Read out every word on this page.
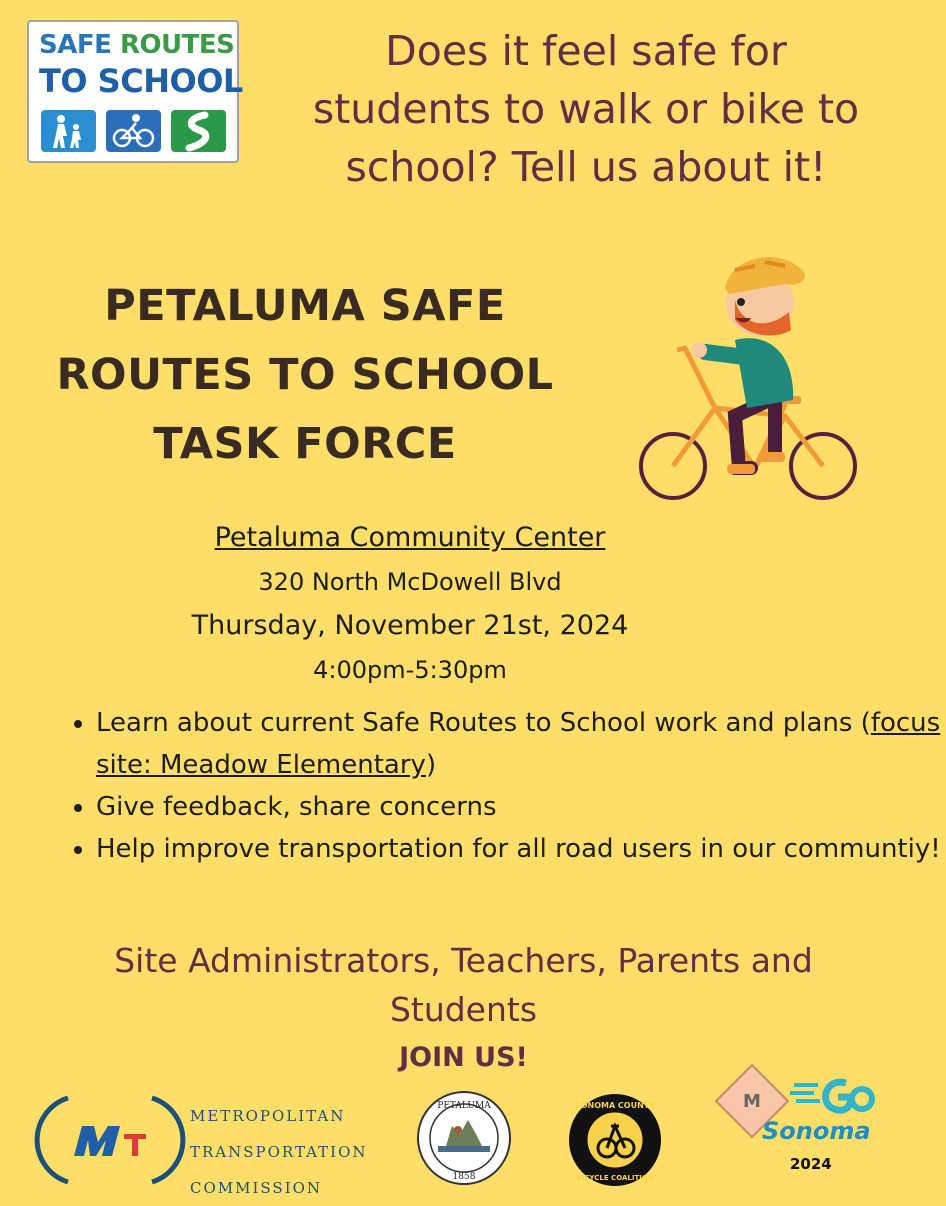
SAFE ROUTES
TO SCHOOL
Does it feel safe for
students to walk or bike to
school? Tell us about it!
PETALUMA SAFE
ROUTES TO SCHOOL
TASK FORCE
Petaluma Community Center
320 North McDowell Blvd
Thursday, November 21st, 2024
4:00pm-5:30pm
• Learn about current Safe Routes to School work and plans (focus site: Meadow Elementary)
• Give feedback, share concerns
• Help improve transportation for all road users in our communtiy!
Site Administrators, Teachers, Parents and
Students
JOIN US!
METROPOLITAN
TRANSPORTATION
COMMISSION
PETALUMA
1858
SONOMA COUNTY
BICYCLE COALITION
M
Sonoma
2024
